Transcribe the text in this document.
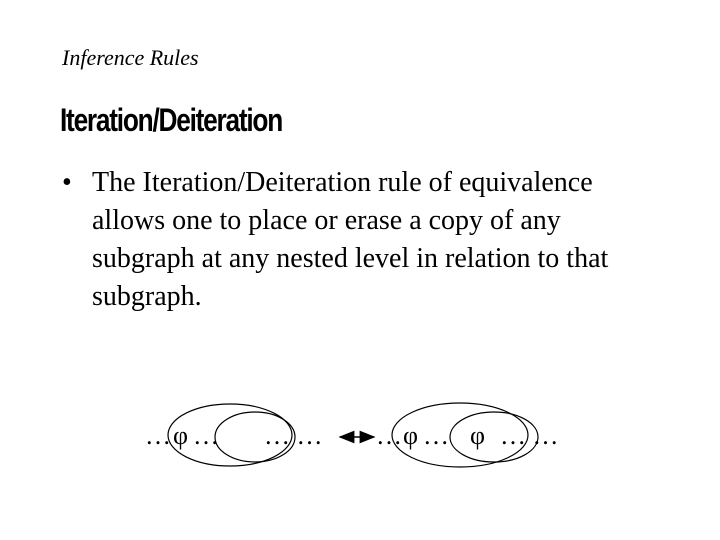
Inference Rules

Iteration/Deiteration
• The Iteration/Deiteration rule of equivalence allows one to place or erase a copy of any subgraph at any nested level in relation to that subgraph.
… φ … … … … φ … φ … …
